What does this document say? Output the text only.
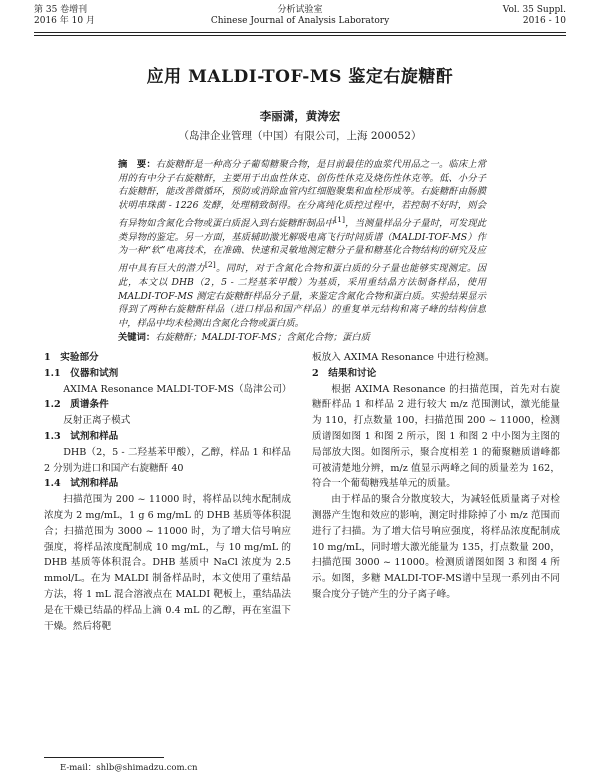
第 35 卷增刊
2016 年 10 月
分析试验室
Chinese Journal of Analysis Laboratory
Vol. 35 Suppl.
2016 - 10
应用 MALDI-TOF-MS 鉴定右旋糖酐
李丽潇，黄涛宏
（岛津企业管理（中国）有限公司，上海 200052）
摘　要：右旋糖酐是一种高分子葡萄糖聚合物，是目前最佳的血浆代用品之一。临床上常用的有中分子右旋糖酐，主要用于出血性休克、创伤性休克及烧伤性休克等。低、小分子右旋糖酐，能改善微循环，预防或消除血管内红细胞聚集和血栓形成等。右旋糖酐由肠膜状明串珠菌 - 1226 发酵，处理精致制得。在分离纯化质控过程中，若控制不好时，则会有异物如含氮化合物或蛋白质混入到右旋糖酐制品中[1]，当测量样品分子量时，可发现此类异物的鉴定。另一方面，基质辅助激光解吸电离飞行时间质谱（MALDI-TOF-MS）作为一种“软”电离技术，在准确、快速和灵敏地测定糖分子量和糖基化合物结构的研究及应用中具有巨大的潜力[2]。同时，对于含氮化合物和蛋白质的分子量也能够实现测定。因此，本文以 DHB（2，5 - 二羟基苯甲酸）为基质，采用重结晶方法制备样品，使用 MALDI-TOF-MS 测定右旋糖酐样品分子量，来鉴定含氮化合物和蛋白质。实验结果显示得到了两种右旋糖酐样品（进口样品和国产样品）的重复单元结构和离子峰的结构信息中，样品中均未检测出含氮化合物或蛋白质。
关键词：右旋糖酐；MALDI-TOF-MS；含氮化合物；蛋白质

1　实验部分

1.1　仪器和试剂

AXIMA Resonance MALDI-TOF-MS（岛津公司）

1.2　质谱条件

反射正离子模式

1.3　试剂和样品

DHB（2，5 - 二羟基苯甲酸），乙醇，样品 1 和样品 2 分别为进口和国产右旋糖酐 40

1.4　试剂和样品

扫描范围为 200 ~ 11000 时，将样品以纯水配制成浓度为 2 mg/mL，1 g 6 mg/mL 的 DHB 基质等体积混合；扫描范围为 3000 ~ 11000 时，为了增大信号响应强度，将样品浓度配制成 10 mg/mL，与 10 mg/mL 的 DHB 基质等体积混合。DHB 基质中 NaCl 浓度为 2.5 mmol/L。在为 MALDI 制备样品时，本文使用了重结晶方法，将 1 mL 混合溶液点在 MALDI 靶板上，重结晶法是在干燥已结晶的样品上滴 0.4 mL 的乙醇，再在室温下干燥。然后将靶

板放入 AXIMA Resonance 中进行检测。

2　结果和讨论

根据 AXIMA Resonance 的扫描范围，首先对右旋糖酐样品 1 和样品 2 进行较大 m/z 范围测试，激光能量为 110，打点数量 100，扫描范围 200 ~ 11000，检测质谱图如图 1 和图 2 所示，图 1 和图 2 中小图为主图的局部放大图。如图所示，聚合度相差 1 的葡聚糖质谱峰都可被清楚地分辨，m/z 值显示两峰之间的质量差为 162，符合一个葡萄糖残基单元的质量。

由于样品的聚合分散度较大，为减轻低质量离子对检测器产生饱和效应的影响，测定时排除掉了小 m/z 范围而进行了扫描。为了增大信号响应强度，将样品浓度配制成 10 mg/mL，同时增大激光能量为 135，打点数量 200，扫描范围 3000 ~ 11000。检测质谱图如图 3 和图 4 所示。如图，多糖 MALDI-TOF-MS谱中呈现一系列由不同聚合度分子链产生的分子离子峰。

E-mail：shlb@shimadzu.com.cn
